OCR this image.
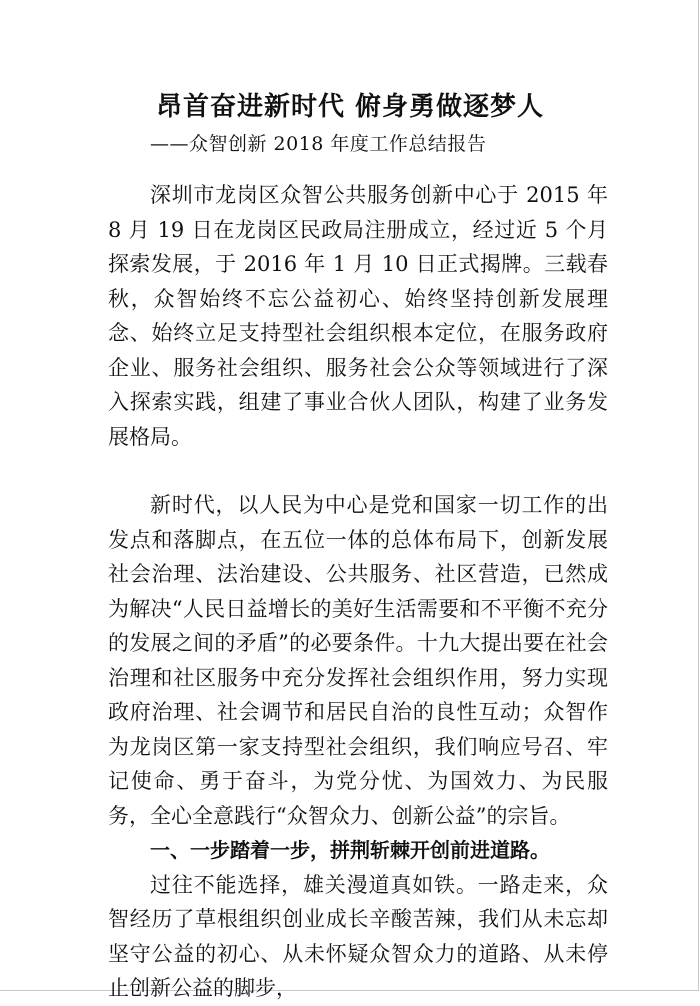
昂首奋进新时代 俯身勇做逐梦人
——众智创新 2018 年度工作总结报告

深圳市龙岗区众智公共服务创新中心于 2015 年 8 月 19 日在龙岗区民政局注册成立，经过近 5 个月探索发展，于 2016 年 1 月 10 日正式揭牌。三载春秋，众智始终不忘公益初心、始终坚持创新发展理念、始终立足支持型社会组织根本定位，在服务政府企业、服务社会组织、服务社会公众等领域进行了深入探索实践，组建了事业合伙人团队，构建了业务发展格局。

新时代，以人民为中心是党和国家一切工作的出发点和落脚点，在五位一体的总体布局下，创新发展社会治理、法治建设、公共服务、社区营造，已然成为解决“人民日益增长的美好生活需要和不平衡不充分的发展之间的矛盾”的必要条件。十九大提出要在社会治理和社区服务中充分发挥社会组织作用，努力实现政府治理、社会调节和居民自治的良性互动；众智作为龙岗区第一家支持型社会组织，我们响应号召、牢记使命、勇于奋斗，为党分忧、为国效力、为民服务，全心全意践行“众智众力、创新公益”的宗旨。

一、一步踏着一步，拼荆斩棘开创前进道路。

过往不能选择，雄关漫道真如铁。一路走来，众智经历了草根组织创业成长辛酸苦辣，我们从未忘却坚守公益的初心、从未怀疑众智众力的道路、从未停止创新公益的脚步，
